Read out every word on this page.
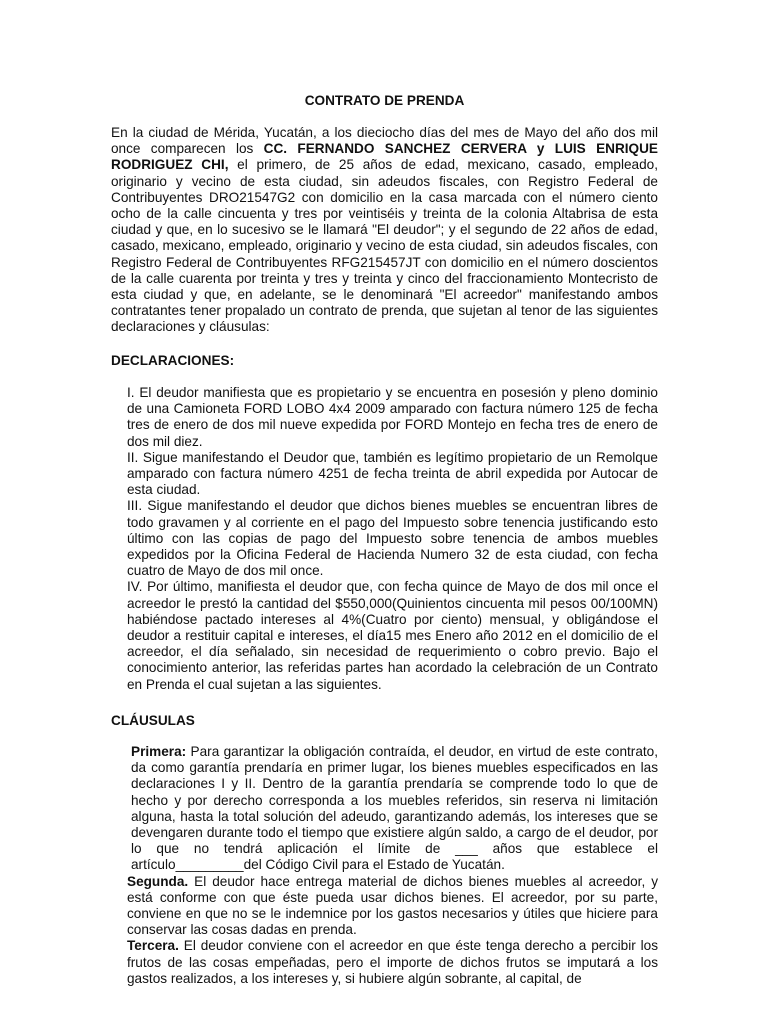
CONTRATO DE PRENDA

En la ciudad de Mérida, Yucatán, a los dieciocho días del mes de Mayo del año dos mil once comparecen los CC. FERNANDO SANCHEZ CERVERA y LUIS ENRIQUE RODRIGUEZ CHI, el primero, de 25 años de edad, mexicano, casado, empleado, originario y vecino de esta ciudad, sin adeudos fiscales, con Registro Federal de Contribuyentes DRO21547G2 con domicilio en la casa marcada con el número ciento ocho de la calle cincuenta y tres por veintiséis y treinta de la colonia Altabrisa de esta ciudad y que, en lo sucesivo se le llamará "El deudor"; y el segundo de 22 años de edad, casado, mexicano, empleado, originario y vecino de esta ciudad, sin adeudos fiscales, con Registro Federal de Contribuyentes RFG215457JT con domicilio en el número doscientos de la calle cuarenta por treinta y tres y treinta y cinco del fraccionamiento Montecristo de esta ciudad y que, en adelante, se le denominará "El acreedor" manifestando ambos contratantes tener propalado un contrato de prenda, que sujetan al tenor de las siguientes declaraciones y cláusulas:

DECLARACIONES:

I. El deudor manifiesta que es propietario y se encuentra en posesión y pleno dominio de una Camioneta FORD LOBO 4x4 2009 amparado con factura número 125 de fecha tres de enero de dos mil nueve expedida por FORD Montejo en fecha tres de enero de dos mil diez.
II. Sigue manifestando el Deudor que, también es legítimo propietario de un Remolque amparado con factura número 4251 de fecha treinta de abril expedida por Autocar de esta ciudad.
III. Sigue manifestando el deudor que dichos bienes muebles se encuentran libres de todo gravamen y al corriente en el pago del Impuesto sobre tenencia justificando esto último con las copias de pago del Impuesto sobre tenencia de ambos muebles expedidos por la Oficina Federal de Hacienda Numero 32 de esta ciudad, con fecha cuatro de Mayo de dos mil once.
IV. Por último, manifiesta el deudor que, con fecha quince de Mayo de dos mil once el acreedor le prestó la cantidad del $550,000(Quinientos cincuenta mil pesos 00/100MN) habiéndose pactado intereses al 4%(Cuatro por ciento) mensual, y obligándose el deudor a restituir capital e intereses, el día15 mes Enero año 2012 en el domicilio de el acreedor, el día señalado, sin necesidad de requerimiento o cobro previo. Bajo el conocimiento anterior, las referidas partes han acordado la celebración de un Contrato en Prenda el cual sujetan a las siguientes.

CLÁUSULAS

Primera: Para garantizar la obligación contraída, el deudor, en virtud de este contrato, da como garantía prendaría en primer lugar, los bienes muebles especificados en las declaraciones I y II. Dentro de la garantía prendaría se comprende todo lo que de hecho y por derecho corresponda a los muebles referidos, sin reserva ni limitación alguna, hasta la total solución del adeudo, garantizando además, los intereses que se devengaren durante todo el tiempo que existiere algún saldo, a cargo de el deudor, por lo que no tendrá aplicación el límite de ___ años que establece el artículo_________del Código Civil para el Estado de Yucatán.
Segunda. El deudor hace entrega material de dichos bienes muebles al acreedor, y está conforme con que éste pueda usar dichos bienes. El acreedor, por su parte, conviene en que no se le indemnice por los gastos necesarios y útiles que hiciere para conservar las cosas dadas en prenda.
Tercera. El deudor conviene con el acreedor en que éste tenga derecho a percibir los frutos de las cosas empeñadas, pero el importe de dichos frutos se imputará a los gastos realizados, a los intereses y, si hubiere algún sobrante, al capital, de
